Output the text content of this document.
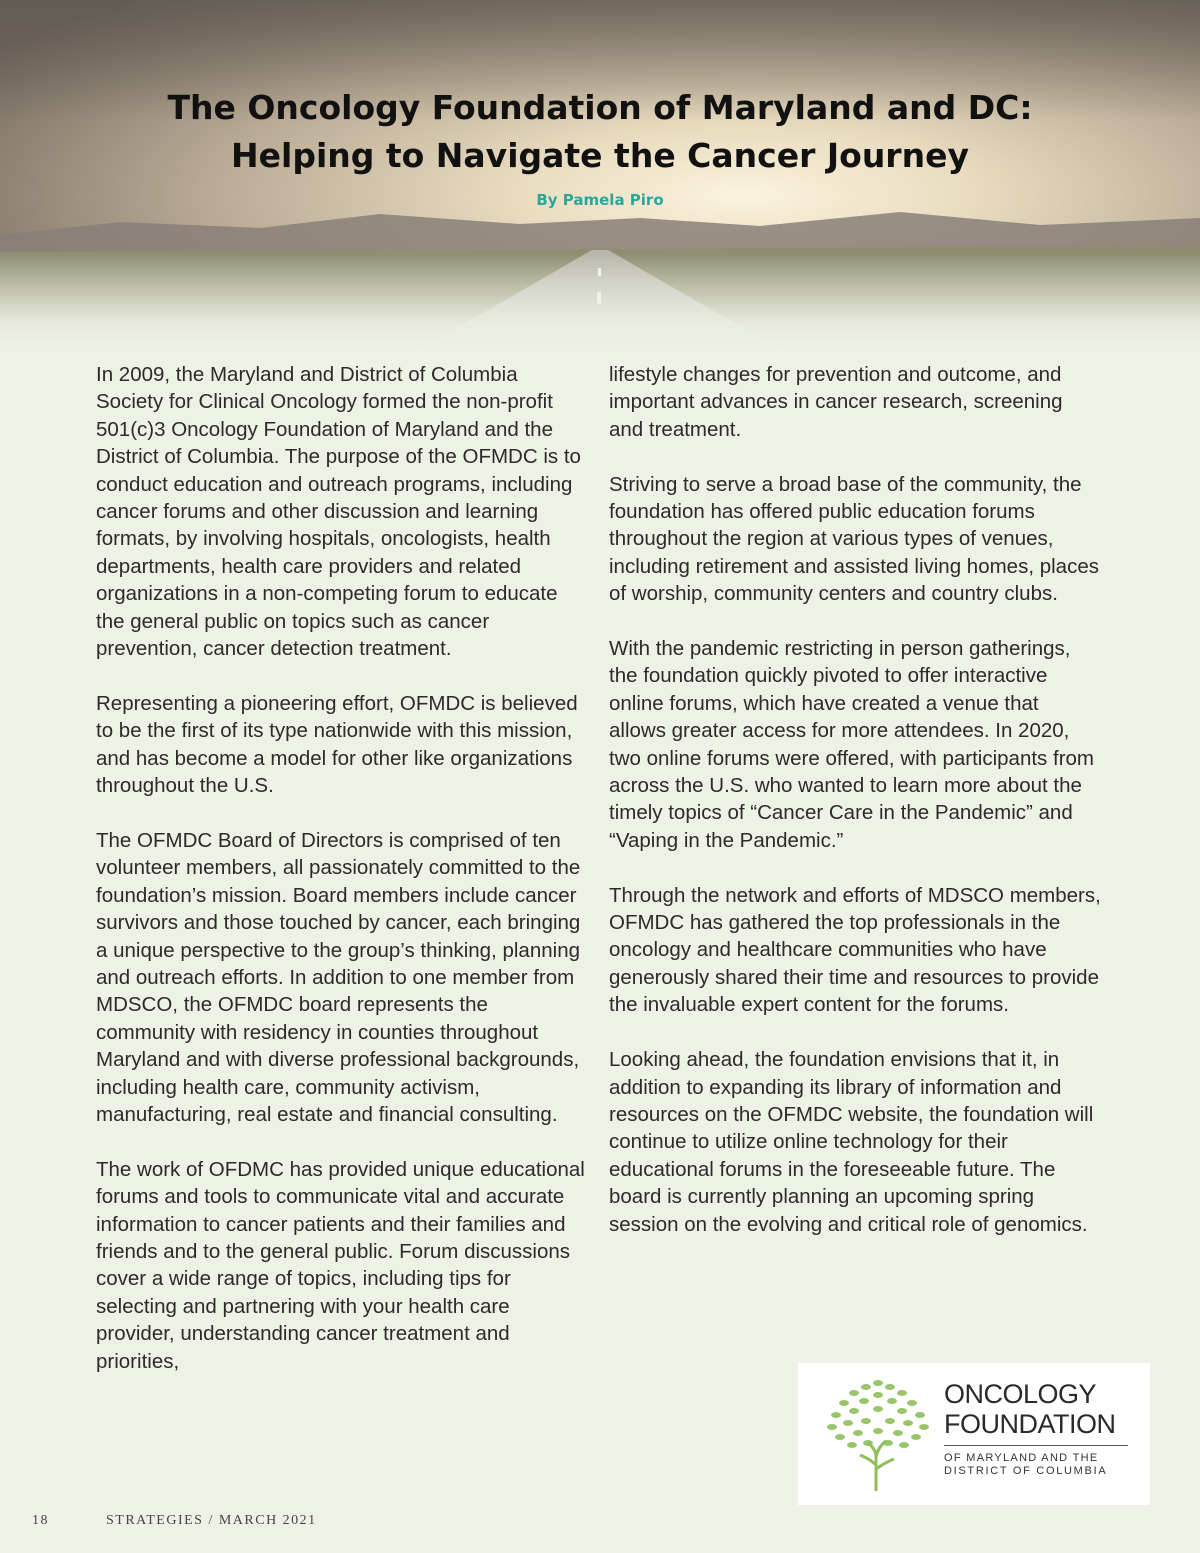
The Oncology Foundation of Maryland and DC:
Helping to Navigate the Cancer Journey
By Pamela Piro

In 2009, the Maryland and District of Columbia Society for Clinical Oncology formed the non-profit 501(c)3 Oncology Foundation of Maryland and the District of Columbia. The purpose of the OFMDC is to conduct education and outreach programs, including cancer forums and other discussion and learning formats, by involving hospitals, oncologists, health departments, health care providers and related organizations in a non-competing forum to educate the general public on topics such as cancer prevention, cancer detection treatment.

Representing a pioneering effort, OFMDC is believed to be the first of its type nationwide with this mission, and has become a model for other like organizations throughout the U.S.

The OFMDC Board of Directors is comprised of ten volunteer members, all passionately committed to the foundation’s mission. Board members include cancer survivors and those touched by cancer, each bringing a unique perspective to the group’s thinking, planning and outreach efforts. In addition to one member from MDSCO, the OFMDC board represents the community with residency in counties throughout Maryland and with diverse professional backgrounds, including health care, community activism, manufacturing, real estate and financial consulting.

The work of OFDMC has provided unique educational forums and tools to communicate vital and accurate information to cancer patients and their families and friends and to the general public. Forum discussions cover a wide range of topics, including tips for selecting and partnering with your health care provider, understanding cancer treatment and priorities,

lifestyle changes for prevention and outcome, and important advances in cancer research, screening and treatment.

Striving to serve a broad base of the community, the foundation has offered public education forums throughout the region at various types of venues, including retirement and assisted living homes, places of worship, community centers and country clubs.

With the pandemic restricting in person gatherings, the foundation quickly pivoted to offer interactive online forums, which have created a venue that allows greater access for more attendees. In 2020, two online forums were offered, with participants from across the U.S. who wanted to learn more about the timely topics of “Cancer Care in the Pandemic” and “Vaping in the Pandemic.”

Through the network and efforts of MDSCO members, OFMDC has gathered the top professionals in the oncology and healthcare communities who have generously shared their time and resources to provide the invaluable expert content for the forums.

Looking ahead, the foundation envisions that it, in addition to expanding its library of information and resources on the OFMDC website, the foundation will continue to utilize online technology for their educational forums in the foreseeable future. The board is currently planning an upcoming spring session on the evolving and critical role of genomics.

ONCOLOGY
FOUNDATION
OF MARYLAND AND THE
DISTRICT OF COLUMBIA
18	STRATEGIES / MARCH 2021
